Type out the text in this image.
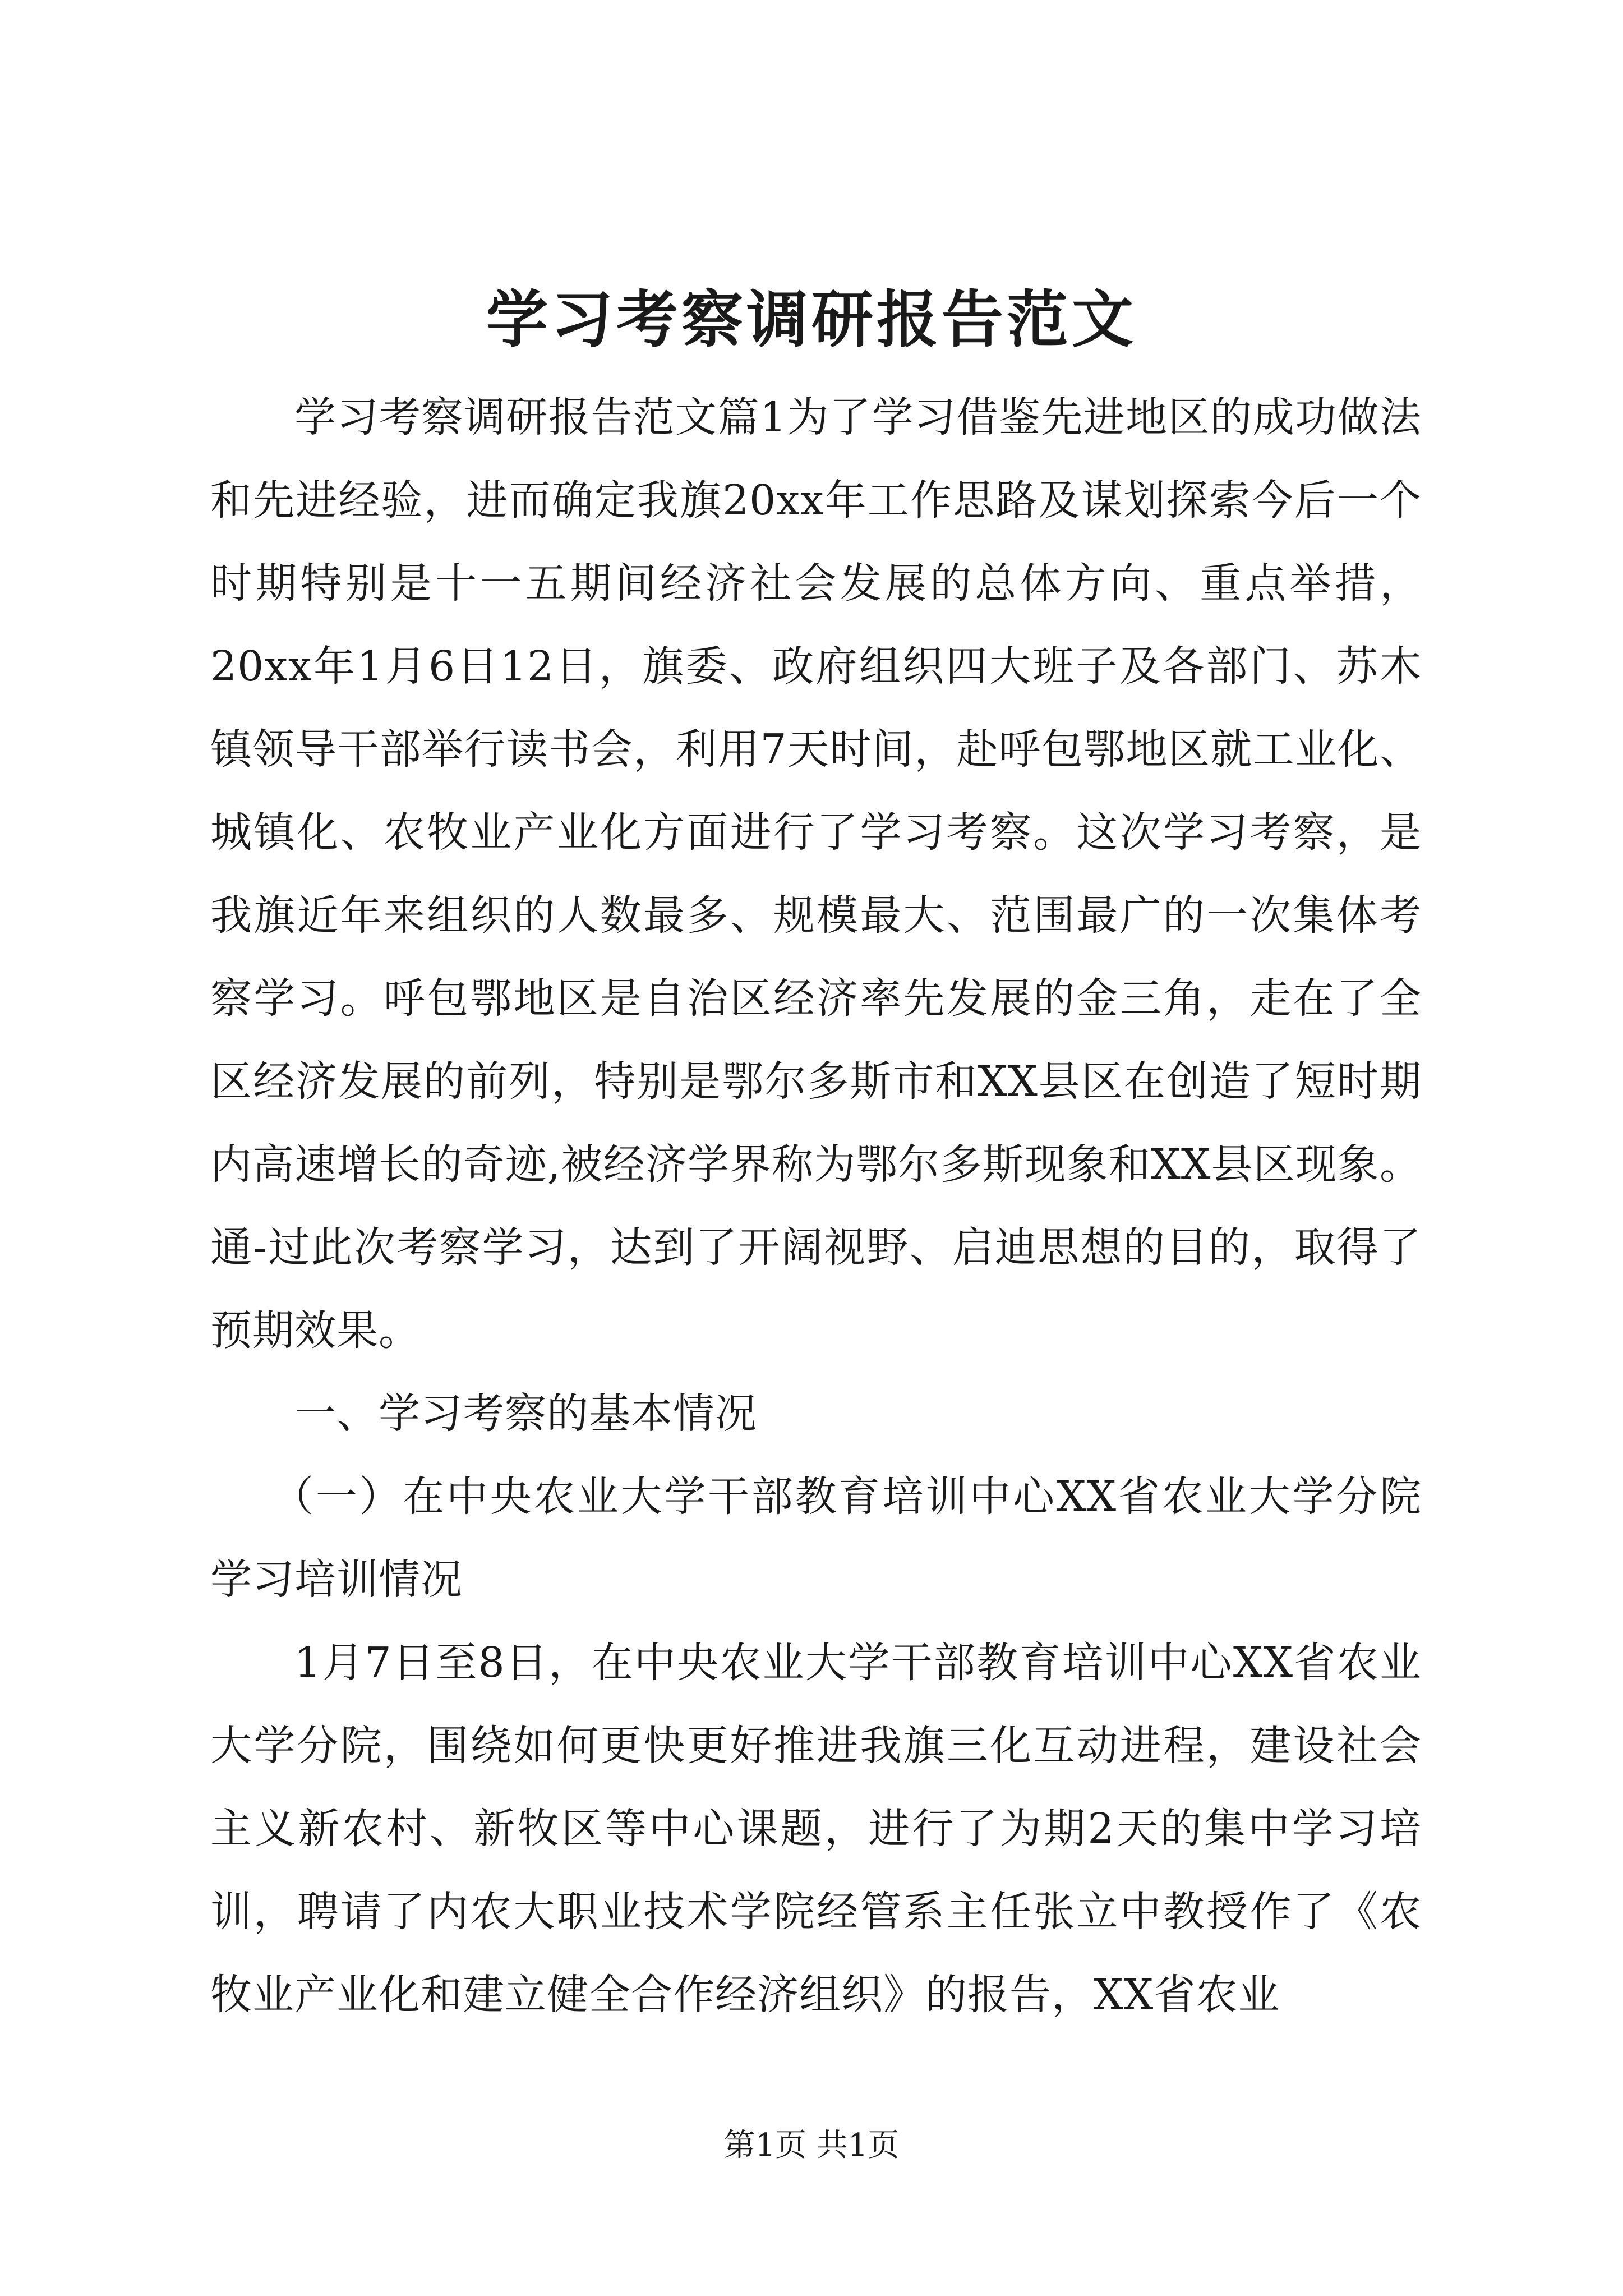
学习考察调研报告范文

学习考察调研报告范文篇1为了学习借鉴先进地区的成功做法和先进经验，进而确定我旗20xx年工作思路及谋划探索今后一个时期特别是十一五期间经济社会发展的总体方向、重点举措，20xx年1月6日12日，旗委、政府组织四大班子及各部门、苏木镇领导干部举行读书会，利用7天时间，赴呼包鄂地区就工业化、城镇化、农牧业产业化方面进行了学习考察。这次学习考察，是我旗近年来组织的人数最多、规模最大、范围最广的一次集体考察学习。呼包鄂地区是自治区经济率先发展的金三角，走在了全区经济发展的前列，特别是鄂尔多斯市和XX县区在创造了短时期内高速增长的奇迹,被经济学界称为鄂尔多斯现象和XX县区现象。通-过此次考察学习，达到了开阔视野、启迪思想的目的，取得了预期效果。

一、学习考察的基本情况

（一）在中央农业大学干部教育培训中心XX省农业大学分院学习培训情况

1月7日至8日，在中央农业大学干部教育培训中心XX省农业大学分院，围绕如何更快更好推进我旗三化互动进程，建设社会主义新农村、新牧区等中心课题，进行了为期2天的集中学习培训，聘请了内农大职业技术学院经管系主任张立中教授作了《农牧业产业化和建立健全合作经济组织》的报告，XX省农业

第1页 共1页
